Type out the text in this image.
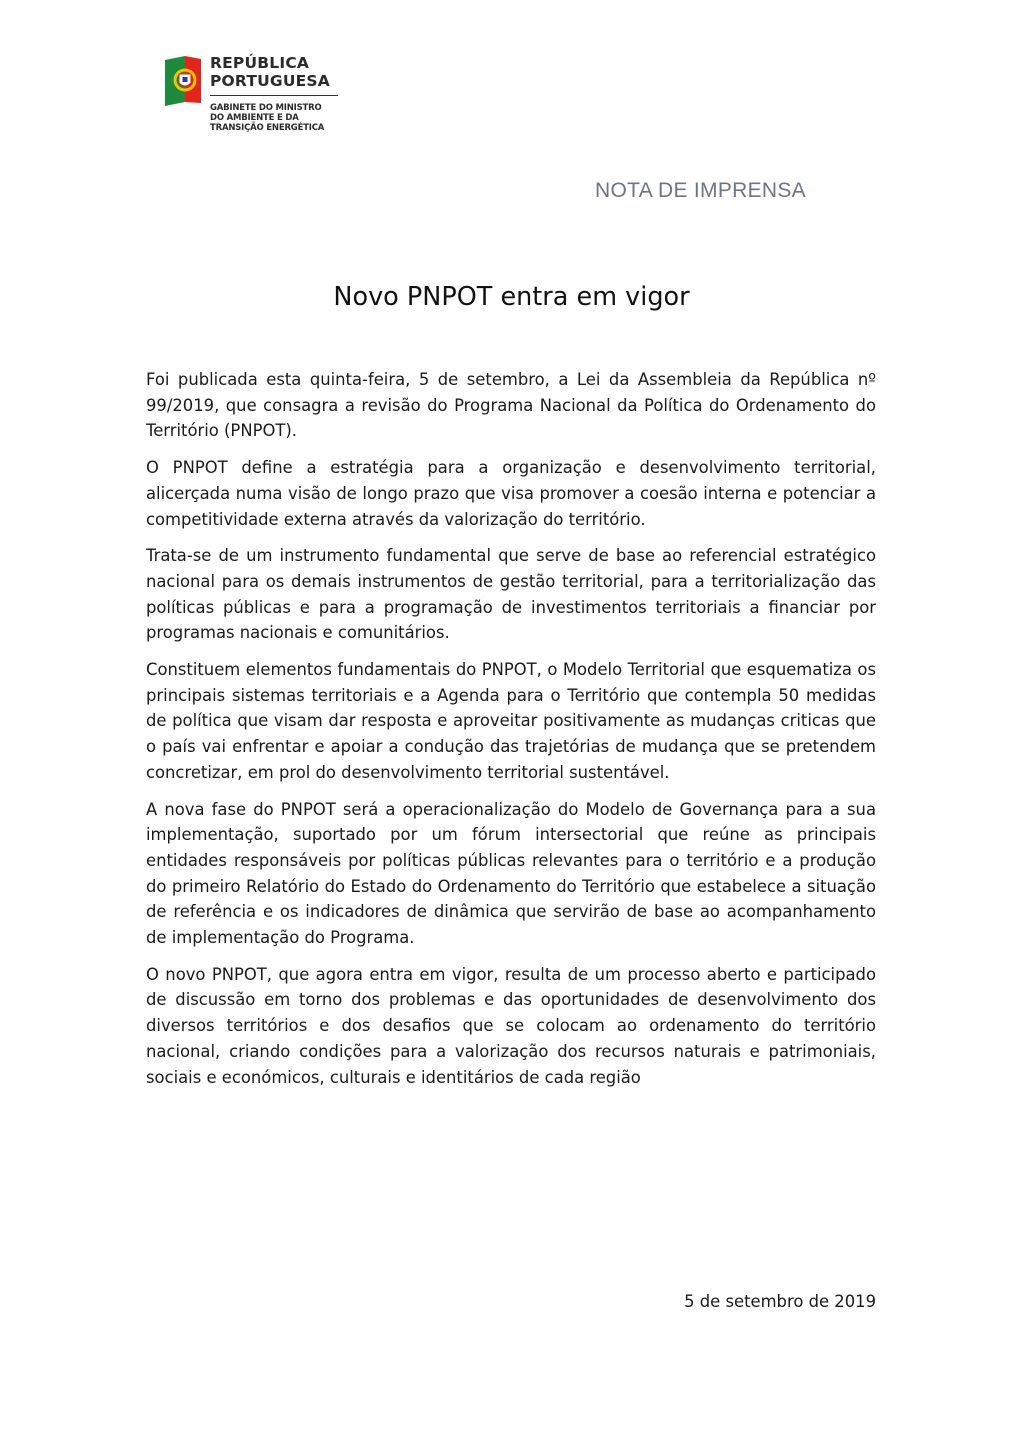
REPÚBLICA
PORTUGUESA
GABINETE DO MINISTRO
DO AMBIENTE E DA
TRANSIÇÃO ENERGÉTICA
NOTA DE IMPRENSA
Novo PNPOT entra em vigor

Foi publicada esta quinta-feira, 5 de setembro, a Lei da Assembleia da República nº 99/2019, que consagra a revisão do Programa Nacional da Política do Ordenamento do Território (PNPOT).

O PNPOT define a estratégia para a organização e desenvolvimento territorial, alicerçada numa visão de longo prazo que visa promover a coesão interna e potenciar a competitividade externa através da valorização do território.

Trata-se de um instrumento fundamental que serve de base ao referencial estratégico nacional para os demais instrumentos de gestão territorial, para a territorialização das políticas públicas e para a programação de investimentos territoriais a financiar por programas nacionais e comunitários.

Constituem elementos fundamentais do PNPOT, o Modelo Territorial que esquematiza os principais sistemas territoriais e a Agenda para o Território que contempla 50 medidas de política que visam dar resposta e aproveitar positivamente as mudanças criticas que o país vai enfrentar e apoiar a condução das trajetórias de mudança que se pretendem concretizar, em prol do desenvolvimento territorial sustentável.

A nova fase do PNPOT será a operacionalização do Modelo de Governança para a sua implementação, suportado por um fórum intersectorial que reúne as principais entidades responsáveis por políticas públicas relevantes para o território e a produção do primeiro Relatório do Estado do Ordenamento do Território que estabelece a situação de referência e os indicadores de dinâmica que servirão de base ao acompanhamento de implementação do Programa.

O novo PNPOT, que agora entra em vigor, resulta de um processo aberto e participado de discussão em torno dos problemas e das oportunidades de desenvolvimento dos diversos territórios e dos desafios que se colocam ao ordenamento do território nacional, criando condições para a valorização dos recursos naturais e patrimoniais, sociais e económicos, culturais e identitários de cada região

5 de setembro de 2019
